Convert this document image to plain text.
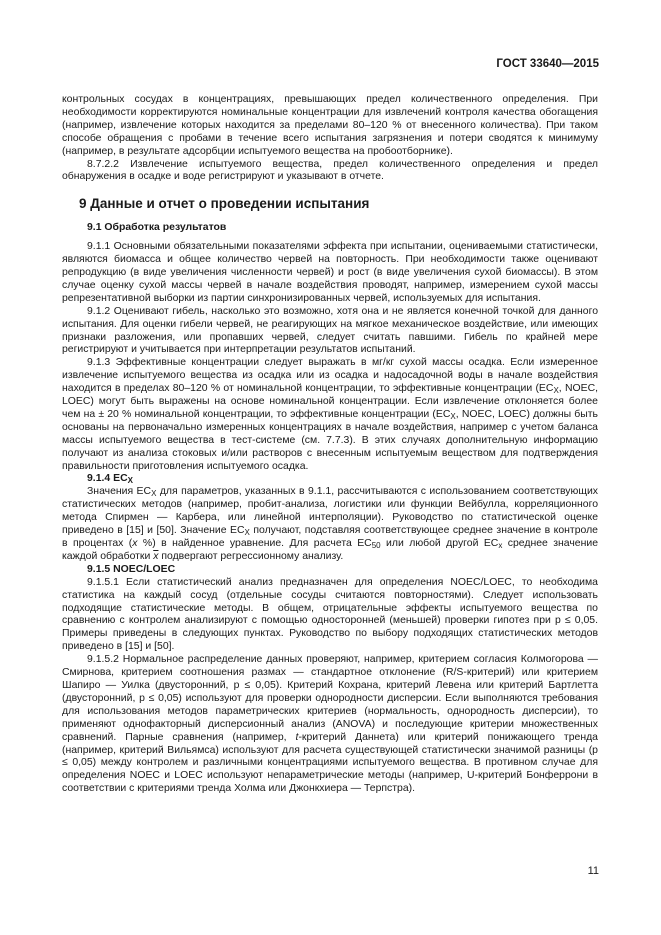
ГОСТ 33640—2015

контрольных сосудах в концентрациях, превышающих предел количественного определения. При необходимости корректируются номинальные концентрации для извлечений контроля качества обогащения (например, извлечение которых находится за пределами 80–120 % от внесенного количества). При таком способе обращения с пробами в течение всего испытания загрязнения и потери сводятся к минимуму (например, в результате адсорбции испытуемого вещества на пробоотборнике).

8.7.2.2 Извлечение испытуемого вещества, предел количественного определения и предел обнаружения в осадке и воде регистрируют и указывают в отчете.

9 Данные и отчет о проведении испытания
9.1 Обработка результатов

9.1.1 Основными обязательными показателями эффекта при испытании, оцениваемыми статистически, являются биомасса и общее количество червей на повторность. При необходимости также оценивают репродукцию (в виде увеличения численности червей) и рост (в виде увеличения сухой биомассы). В этом случае оценку сухой массы червей в начале воздействия проводят, например, измерением сухой массы репрезентативной выборки из партии синхронизированных червей, используемых для испытания.

9.1.2 Оценивают гибель, насколько это возможно, хотя она и не является конечной точкой для данного испытания. Для оценки гибели червей, не реагирующих на мягкое механическое воздействие, или имеющих признаки разложения, или пропавших червей, следует считать павшими. Гибель по крайней мере регистрируют и учитывается при интерпретации результатов испытаний.

9.1.3 Эффективные концентрации следует выражать в мг/кг сухой массы осадка. Если измеренное извлечение испытуемого вещества из осадка или из осадка и надосадочной воды в начале воздействия находится в пределах 80–120 % от номинальной концентрации, то эффективные концентрации ($EC_X$, NOEC, LOEC) могут быть выражены на основе номинальной концентрации. Если извлечение отклоняется более чем на ± 20 % номинальной концентрации, то эффективные концентрации ($EC_X$, NOEC, LOEC) должны быть основаны на первоначально измеренных концентрациях в начале воздействия, например с учетом баланса массы испытуемого вещества в тест-системе (см. 7.7.3). В этих случаях дополнительную информацию получают из анализа стоковых и/или растворов с внесенным испытуемым веществом для подтверждения правильности приготовления испытуемого осадка.

9.1.4 $EC_X$

Значения $EC_X$ для параметров, указанных в 9.1.1, рассчитываются с использованием соответствующих статистических методов (например, пробит-анализа, логистики или функции Вейбулла, корреляционного метода Спирмен — Карбера, или линейной интерполяции). Руководство по статистической оценке приведено в [15] и [50]. Значение $EC_X$ получают, подставляя соответствующее среднее значение в контроле в процентах (x %) в найденное уравнение. Для расчета $EC_{50}$ или любой другой $EC_x$ среднее значение каждой обработки $\overline{x}$ подвергают регрессионному анализу.

9.1.5 NOEC/LOEC

9.1.5.1 Если статистический анализ предназначен для определения NOEC/LOEC, то необходима статистика на каждый сосуд (отдельные сосуды считаются повторностями). Следует использовать подходящие статистические методы. В общем, отрицательные эффекты испытуемого вещества по сравнению с контролем анализируют с помощью односторонней (меньшей) проверки гипотез при p ≤ 0,05. Примеры приведены в следующих пунктах. Руководство по выбору подходящих статистических методов приведено в [15] и [50].

9.1.5.2 Нормальное распределение данных проверяют, например, критерием согласия Колмогорова — Смирнова, критерием соотношения размах — стандартное отклонение (R/S-критерий) или критерием Шапиро — Уилка (двусторонний, p ≤ 0,05). Критерий Кохрана, критерий Левена или критерий Бартлетта (двусторонний, p ≤ 0,05) используют для проверки однородности дисперсии. Если выполняются требования для использования методов параметрических критериев (нормальность, однородность дисперсии), то применяют однофакторный дисперсионный анализ (ANOVA) и последующие критерии множественных сравнений. Парные сравнения (например, t-критерий Даннета) или критерий понижающего тренда (например, критерий Вильямса) используют для расчета существующей статистически значимой разницы (p ≤ 0,05) между контролем и различными концентрациями испытуемого вещества. В противном случае для определения NOEC и LOEC используют непараметрические методы (например, U-критерий Бонферрони в соответствии с критериями тренда Холма или Джонкхиера — Терпстра).

11
